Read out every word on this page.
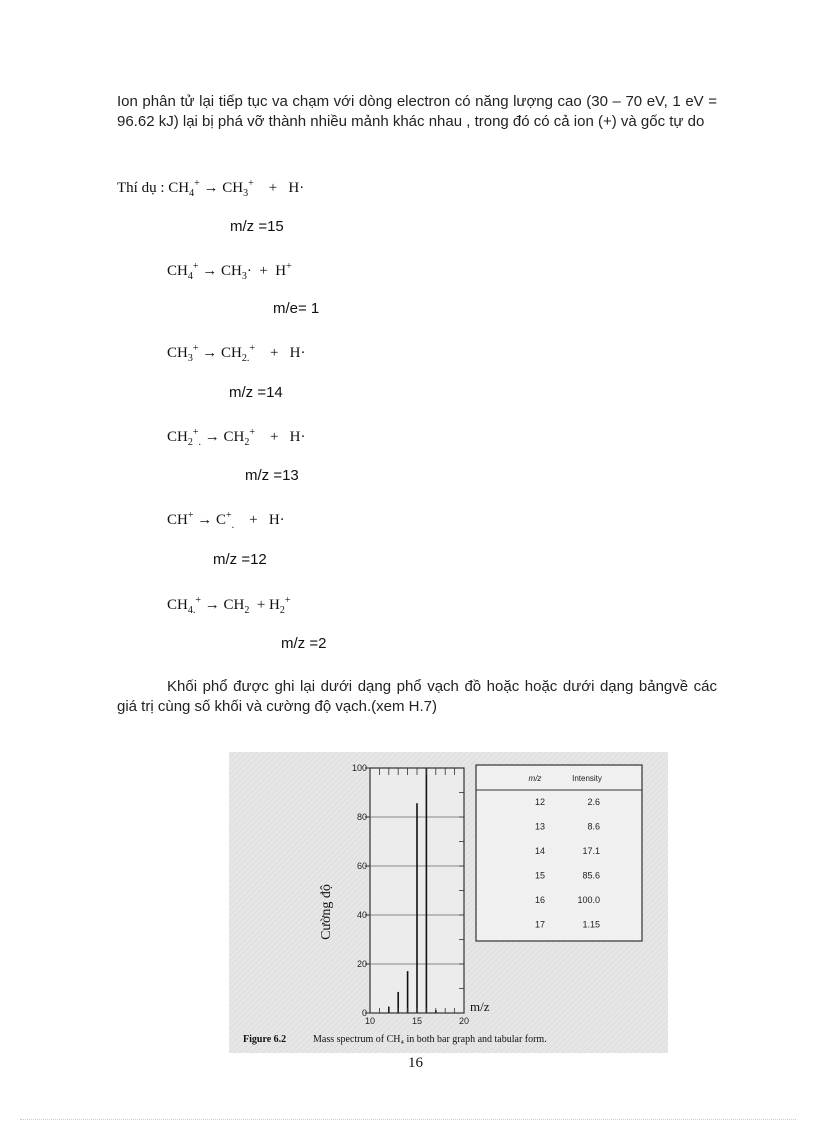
Ion phân tử lại tiếp tục va chạm với dòng electron có năng lượng cao (30 – 70 eV, 1 eV = 96.62 kJ) lại bị phá vỡ thành nhiều mảnh khác nhau , trong đó có cả ion (+) và gốc tự do
Thí dụ : $CH_4^+ \to CH_3^+$    +   H·
m/z =15
$CH_4^+ \to CH_3\cdot + H^+$
m/e= 1
$CH_3^+ \to CH_{2.}^+$    +   H·
m/z =14
$CH_2^+_. \to CH_2^+$    +   H·
m/z =13
$CH^+ \to C^+_.$    +   H·
m/z =12
$CH_{4.}^+ \to CH_2 + H_2^+$
m/z =2
Khối phổ được ghi lại dưới dạng phổ vạch đồ hoặc hoặc dưới dạng bảngvề các giá trị cùng số khối và cường độ vạch.(xem H.7)
0
20
40
60
80
100
10	15	20
m/z
Cường độ
m/z	Intensity
12	2.6
13	8.6
14	17.1
15	85.6
16	100.0
17	1.15
Figure 6.2	Mass spectrum of CH₄ in both bar graph and tabular form.
16
